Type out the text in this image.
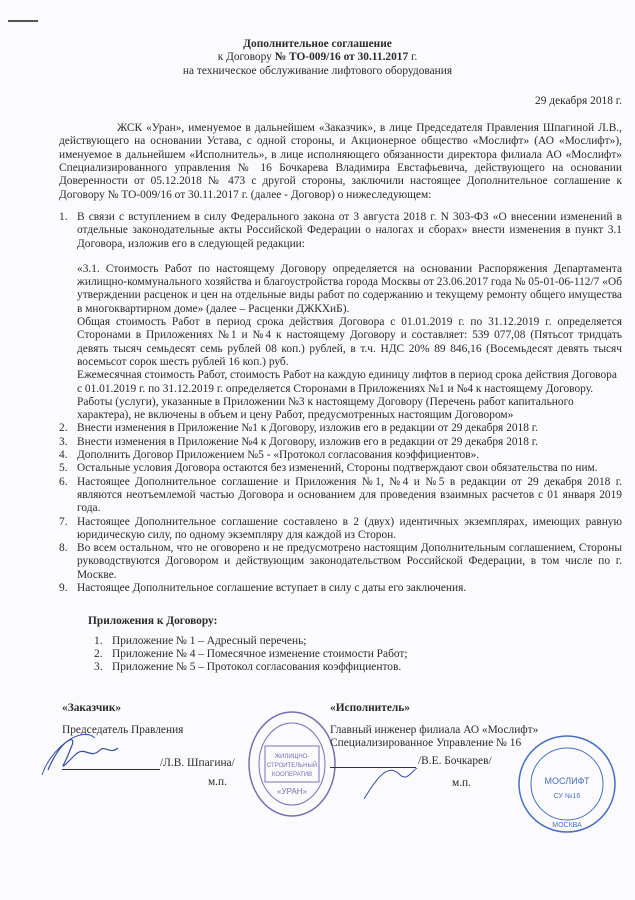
Дополнительное соглашение
к Договору № ТО-009/16 от 30.11.2017 г.
на техническое обслуживание лифтового оборудования
29 декабря 2018 г.
ЖСК «Уран», именуемое в дальнейшем «Заказчик», в лице Председателя Правления Шпагиной Л.В., действующего на основании Устава, с одной стороны, и Акционерное общество «Мослифт» (АО «Мослифт»), именуемое в дальнейшем «Исполнитель», в лице исполняющего обязанности директора филиала АО «Мослифт» Специализированного управления № 16 Бочкарева Владимира Евстафьевича, действующего на основании Доверенности от 05.12.2018 № 473 с другой стороны, заключили настоящее Дополнительное соглашение к Договору № ТО-009/16 от 30.11.2017 г. (далее - Договор) о нижеследующем:
1. В связи с вступлением в силу Федерального закона от 3 августа 2018 г. N 303-ФЗ «О внесении изменений в отдельные законодательные акты Российской Федерации о налогах и сборах» внести изменения в пункт 3.1 Договора, изложив его в следующей редакции:
«3.1. Стоимость Работ по настоящему Договору определяется на основании Распоряжения Департамента жилищно-коммунального хозяйства и благоустройства города Москвы от 23.06.2017 года № 05-01-06-112/7 «Об утверждении расценок и цен на отдельные виды работ по содержанию и текущему ремонту общего имущества в многоквартирном доме» (далее – Расценки ДЖКХиБ).
Общая стоимость Работ в период срока действия Договора с 01.01.2019 г. по 31.12.2019 г. определяется Сторонами в Приложениях №1 и №4 к настоящему Договору и составляет: 539 077,08 (Пятьсот тридцать девять тысяч семьдесят семь рублей 08 коп.) рублей, в т.ч. НДС 20% 89 846,16 (Восемьдесят девять тысяч восемьсот сорок шесть рублей 16 коп.) руб.
Ежемесячная стоимость Работ, стоимость Работ на каждую единицу лифтов в период срока действия Договора с 01.01.2019 г. по 31.12.2019 г. определяется Сторонами в Приложениях №1 и №4 к настоящему Договору. Работы (услуги), указанные в Приложении №3 к настоящему Договору (Перечень работ капитального характера), не включены в объем и цену Работ, предусмотренных настоящим Договором»
2. Внести изменения в Приложение №1 к Договору, изложив его в редакции от 29 декабря 2018 г.
3. Внести изменения в Приложение №4 к Договору, изложив его в редакции от 29 декабря 2018 г.
4. Дополнить Договор Приложением №5 - «Протокол согласования коэффициентов».
5. Остальные условия Договора остаются без изменений, Стороны подтверждают свои обязательства по ним.
6. Настоящее Дополнительное соглашение и Приложения №1, №4 и №5 в редакции от 29 декабря 2018 г. являются неотъемлемой частью Договора и основанием для проведения взаимных расчетов с 01 января 2019 года.
7. Настоящее Дополнительное соглашение составлено в 2 (двух) идентичных экземплярах, имеющих равную юридическую силу, по одному экземпляру для каждой из Сторон.
8. Во всем остальном, что не оговорено и не предусмотрено настоящим Дополнительным соглашением, Стороны руководствуются Договором и действующим законодательством Российской Федерации, в том числе по г. Москве.
9. Настоящее Дополнительное соглашение вступает в силу с даты его заключения.
Приложения к Договору:
1. Приложение № 1 – Адресный перечень;
2. Приложение № 4 – Помесячное изменение стоимости Работ;
3. Приложение № 5 – Протокол согласования коэффициентов.
«Заказчик»
Председатель Правления
/Л.В. Шпагина/
м.п.
ЖИЛИЩНО-
СТРОИТЕЛЬНЫЙ
КООПЕРАТИВ
«УРАН»
«Исполнитель»
Главный инженер филиала АО «Мослифт»
Специализированное Управление № 16
/В.Е. Бочкарев/
м.п.	МОСЛИФТ
СУ №16
МОСКВА
